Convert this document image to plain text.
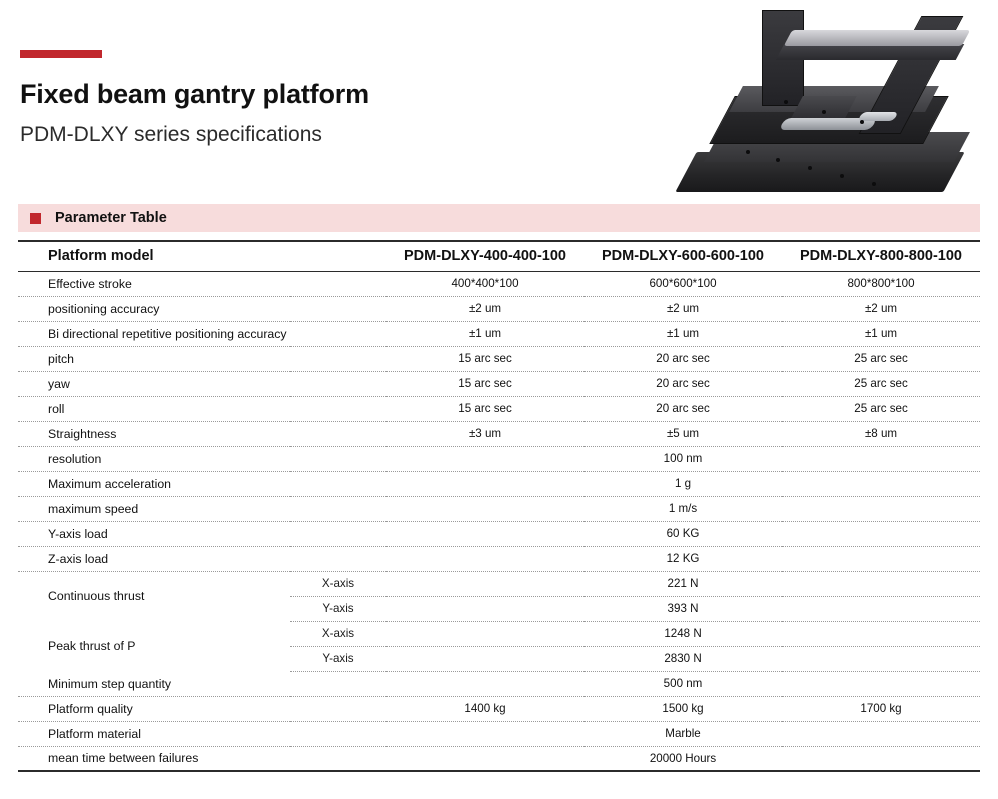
Fixed beam gantry platform

PDM-DLXY series specifications

Parameter Table
Platform model		PDM-DLXY-400-400-100	PDM-DLXY-600-600-100	PDM-DLXY-800-800-100
Effective stroke		400*400*100	600*600*100	800*800*100
positioning accuracy		±2 um	±2 um	±2 um
Bi directional repetitive positioning accuracy		±1 um	±1 um	±1 um
pitch		15 arc sec	20 arc sec	25 arc sec
yaw		15 arc sec	20 arc sec	25 arc sec
roll		15 arc sec	20 arc sec	25 arc sec
Straightness		±3 um	±5 um	±8 um
resolution		100 nm		
Maximum acceleration		1 g		
maximum speed		1 m/s		
Y-axis load		60 KG		
Z-axis load		12 KG		
Continuous thrust	X-axis	221 N		
	Y-axis	393 N		
Peak thrust of P	X-axis	1248 N		
	Y-axis	2830 N		
Minimum step quantity		500 nm		
Platform quality		1400 kg	1500 kg	1700 kg
Platform material		Marble		
mean time between failures		20000 Hours		
